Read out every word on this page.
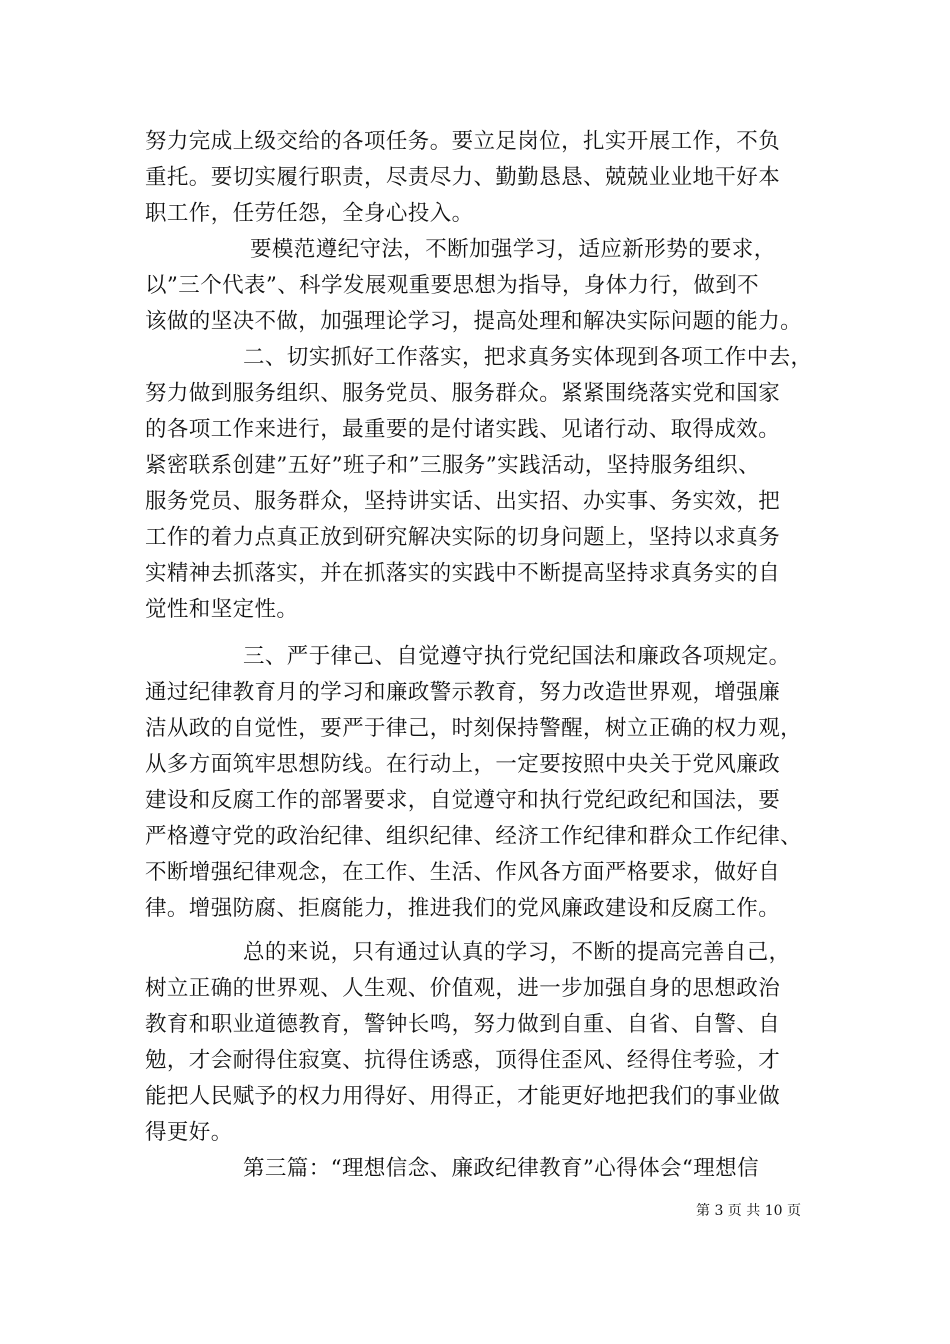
努力完成上级交给的各项任务。要立足岗位，扎实开展工作，不负

重托。要切实履行职责，尽责尽力、勤勤恳恳、兢兢业业地干好本

职工作，任劳任怨，全身心投入。

要模范遵纪守法，不断加强学习，适应新形势的要求，

以”三个代表”、科学发展观重要思想为指导，身体力行，做到不

该做的坚决不做，加强理论学习，提高处理和解决实际问题的能力。

二、切实抓好工作落实，把求真务实体现到各项工作中去，

努力做到服务组织、服务党员、服务群众。紧紧围绕落实党和国家

的各项工作来进行，最重要的是付诸实践、见诸行动、取得成效。

紧密联系创建”五好”班子和”三服务”实践活动，坚持服务组织、

服务党员、服务群众，坚持讲实话、出实招、办实事、务实效，把

工作的着力点真正放到研究解决实际的切身问题上，坚持以求真务

实精神去抓落实，并在抓落实的实践中不断提高坚持求真务实的自

觉性和坚定性。

三、严于律己、自觉遵守执行党纪国法和廉政各项规定。

通过纪律教育月的学习和廉政警示教育，努力改造世界观，增强廉

洁从政的自觉性，要严于律己，时刻保持警醒，树立正确的权力观，

从多方面筑牢思想防线。在行动上，一定要按照中央关于党风廉政

建设和反腐工作的部署要求，自觉遵守和执行党纪政纪和国法，要

严格遵守党的政治纪律、组织纪律、经济工作纪律和群众工作纪律、

不断增强纪律观念，在工作、生活、作风各方面严格要求，做好自

律。增强防腐、拒腐能力，推进我们的党风廉政建设和反腐工作。

总的来说，只有通过认真的学习，不断的提高完善自己，

树立正确的世界观、人生观、价值观，进一步加强自身的思想政治

教育和职业道德教育，警钟长鸣，努力做到自重、自省、自警、自

勉，才会耐得住寂寞、抗得住诱惑，顶得住歪风、经得住考验，才

能把人民赋予的权力用得好、用得正，才能更好地把我们的事业做

得更好。

第三篇：“理想信念、廉政纪律教育”心得体会“理想信

第 3 页 共 10 页
